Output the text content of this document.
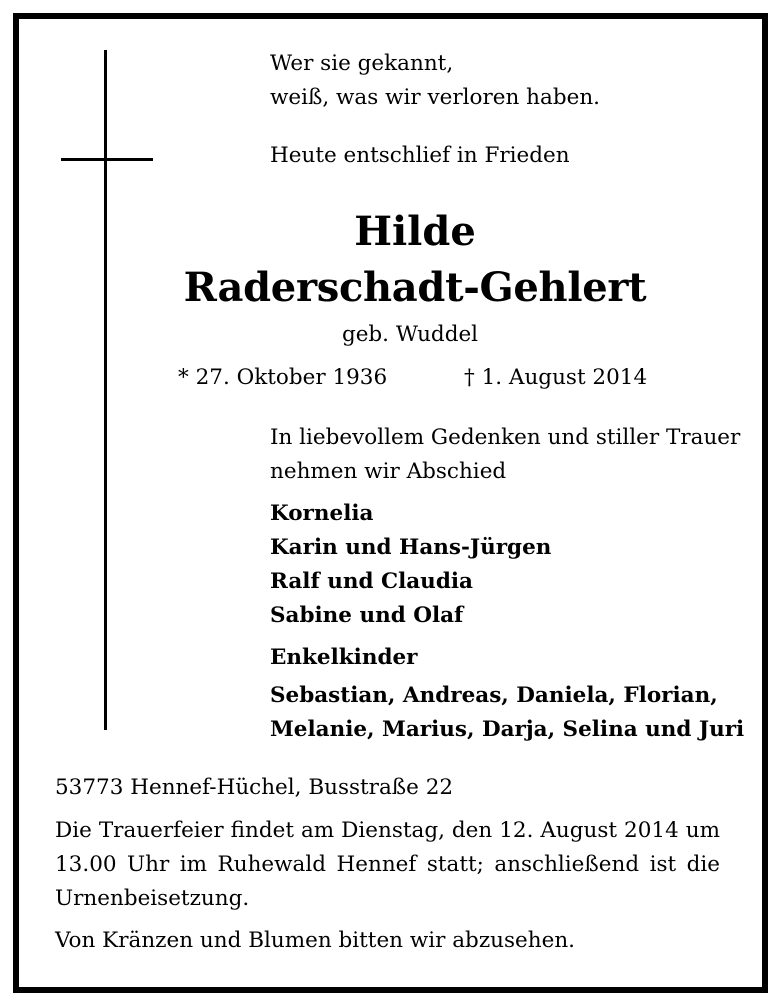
Wer sie gekannt,
weiß, was wir verloren haben.
Heute entschlief in Frieden
Hilde
Raderschadt-Gehlert
geb. Wuddel
* 27. Oktober 1936	† 1. August 2014
In liebevollem Gedenken und stiller Trauer
nehmen wir Abschied
Kornelia
Karin und Hans-Jürgen
Ralf und Claudia
Sabine und Olaf
Enkelkinder
Sebastian, Andreas, Daniela, Florian,
Melanie, Marius, Darja, Selina und Juri
53773 Hennef-Hüchel, Busstraße 22
Die Trauerfeier findet am Dienstag, den 12. August 2014 um 13.00 Uhr im Ruhewald Hennef statt; anschließend ist die Urnenbeisetzung.
Von Kränzen und Blumen bitten wir abzusehen.
